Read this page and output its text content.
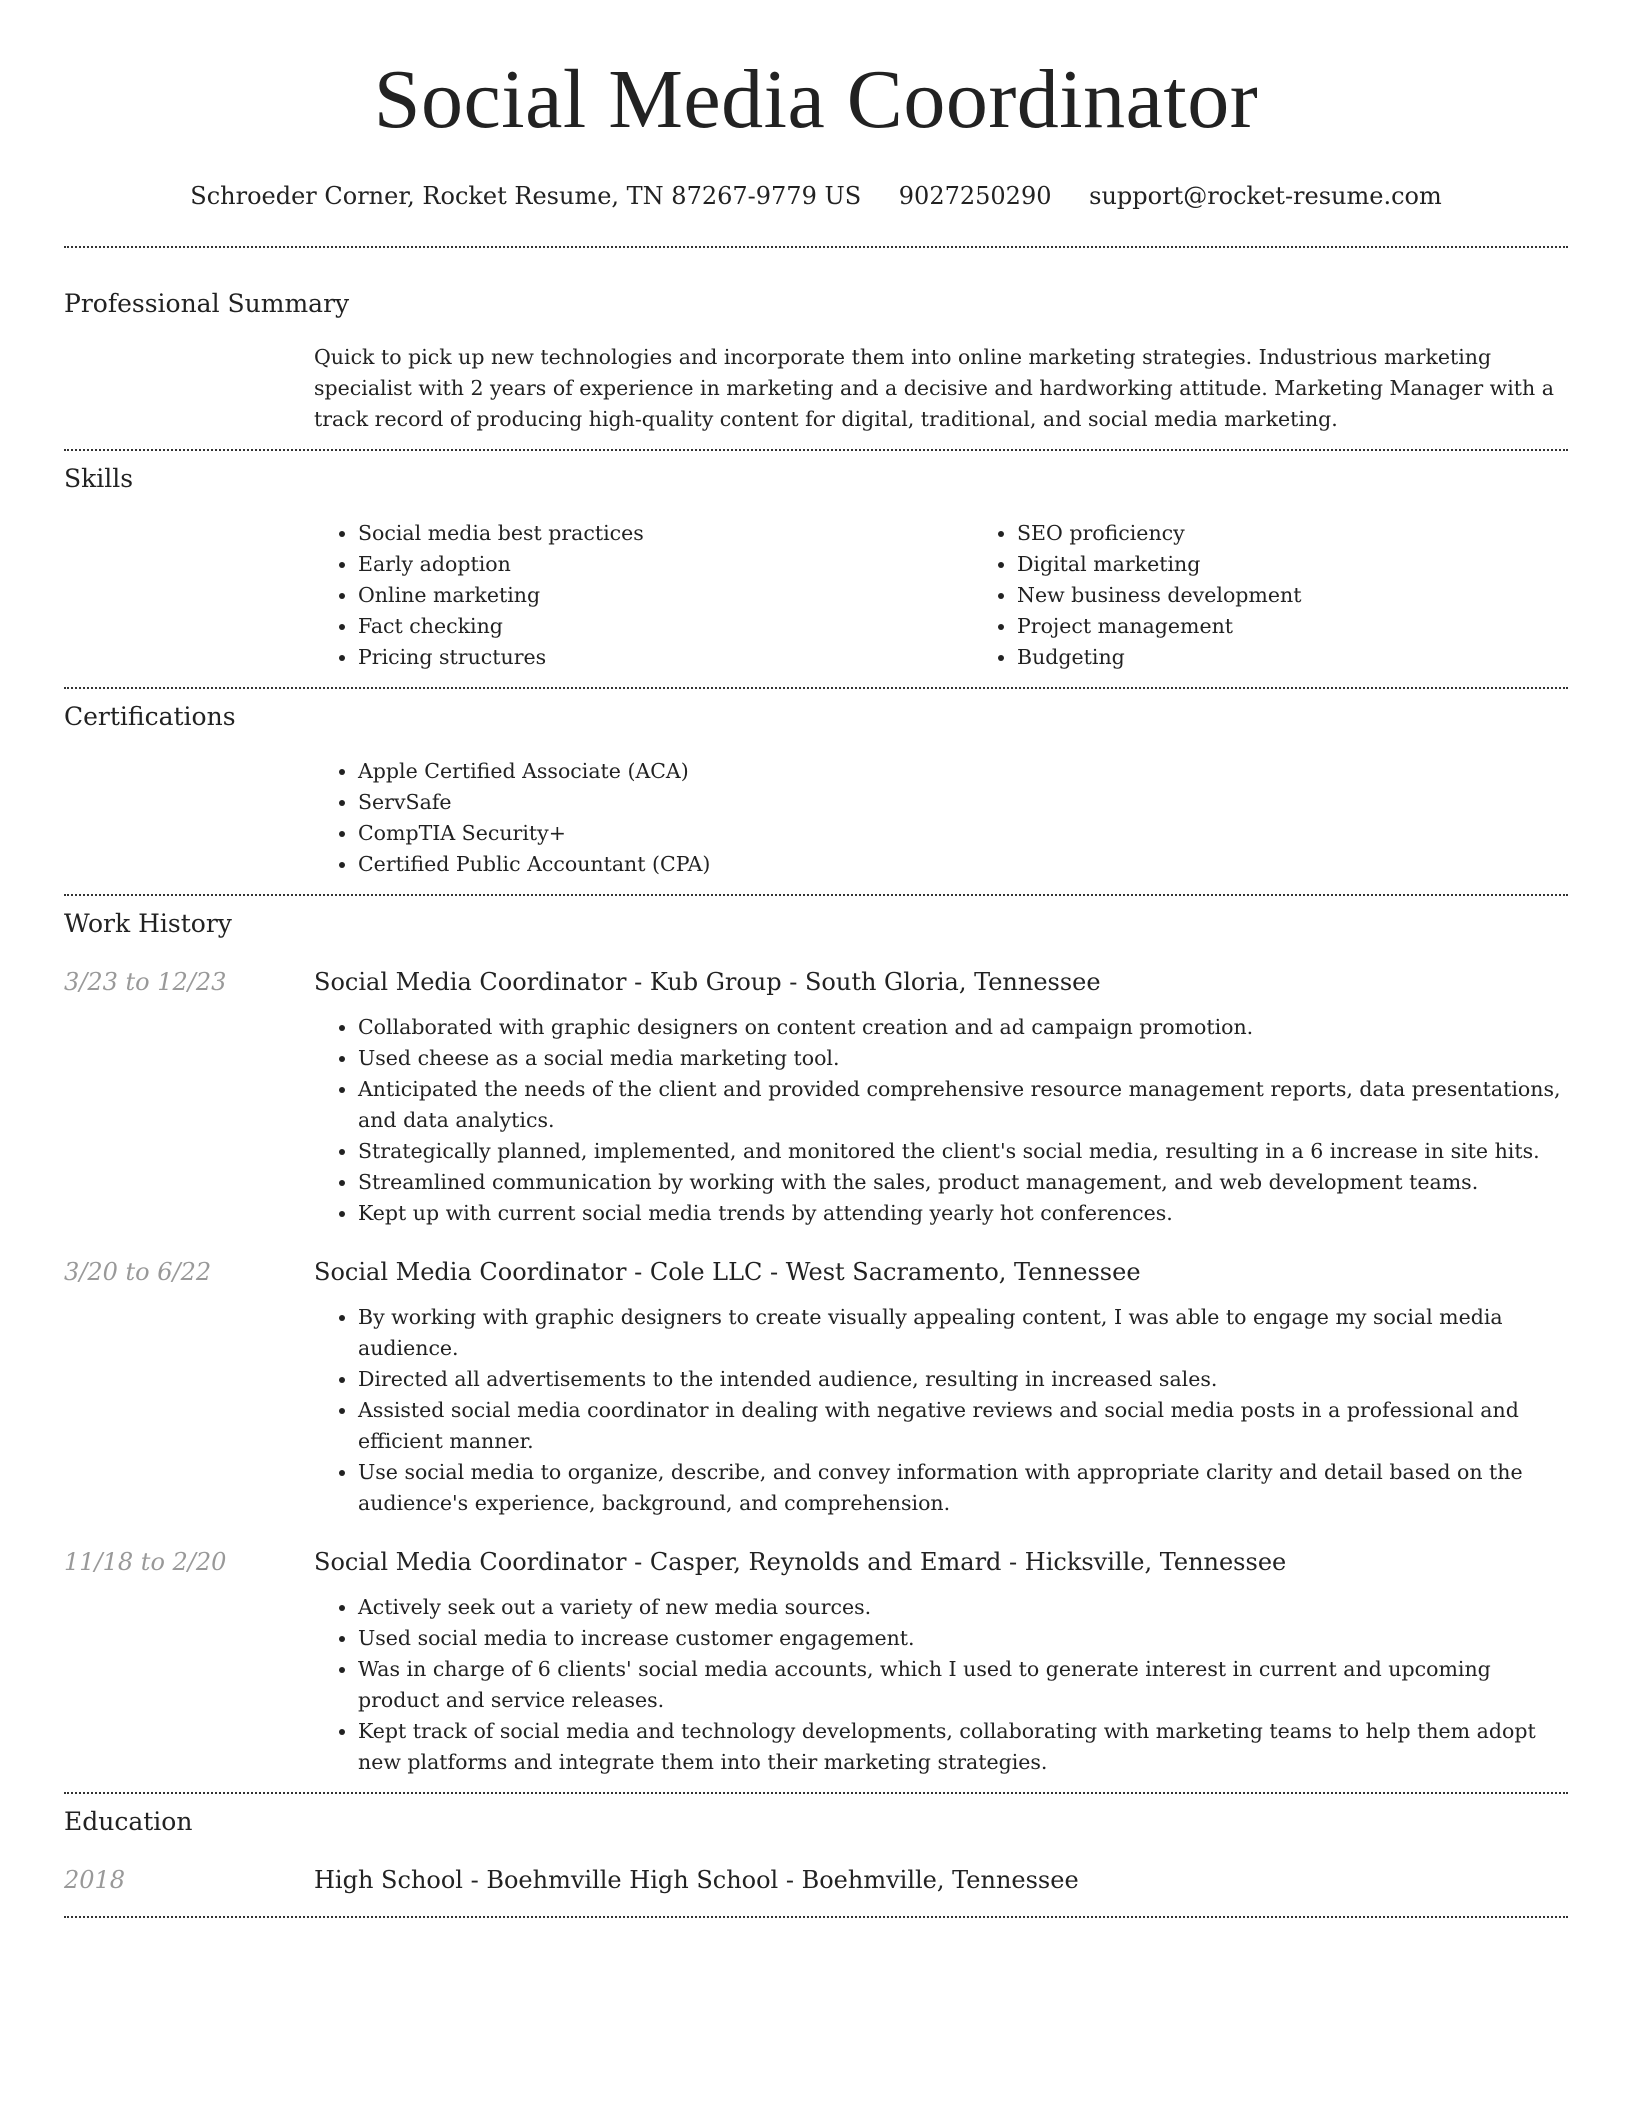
Social Media Coordinator
Schroeder Corner, Rocket Resume, TN 87267-9779 US 9027250290 support@rocket-resume.com
Professional Summary

Quick to pick up new technologies and incorporate them into online marketing strategies. Industrious marketing specialist with 2 years of experience in marketing and a decisive and hardworking attitude. Marketing Manager with a track record of producing high-quality content for digital, traditional, and social media marketing.

Skills
• Social media best practices
• Early adoption
• Online marketing
• Fact checking
• Pricing structures
• SEO proficiency
• Digital marketing
• New business development
• Project management
• Budgeting
Certifications
• Apple Certified Associate (ACA)
• ServSafe
• CompTIA Security+
• Certified Public Accountant (CPA)
Work History
3/23 to 12/23	Social Media Coordinator - Kub Group - South Gloria, Tennessee
• Collaborated with graphic designers on content creation and ad campaign promotion.
• Used cheese as a social media marketing tool.
• Anticipated the needs of the client and provided comprehensive resource management reports, data presentations, and data analytics.
• Strategically planned, implemented, and monitored the client's social media, resulting in a 6 increase in site hits.
• Streamlined communication by working with the sales, product management, and web development teams.
• Kept up with current social media trends by attending yearly hot conferences.
3/20 to 6/22	Social Media Coordinator - Cole LLC - West Sacramento, Tennessee
• By working with graphic designers to create visually appealing content, I was able to engage my social media audience.
• Directed all advertisements to the intended audience, resulting in increased sales.
• Assisted social media coordinator in dealing with negative reviews and social media posts in a professional and efficient manner.
• Use social media to organize, describe, and convey information with appropriate clarity and detail based on the audience's experience, background, and comprehension.
11/18 to 2/20	Social Media Coordinator - Casper, Reynolds and Emard - Hicksville, Tennessee
• Actively seek out a variety of new media sources.
• Used social media to increase customer engagement.
• Was in charge of 6 clients' social media accounts, which I used to generate interest in current and upcoming product and service releases.
• Kept track of social media and technology developments, collaborating with marketing teams to help them adopt new platforms and integrate them into their marketing strategies.
Education
2018	High School - Boehmville High School - Boehmville, Tennessee
